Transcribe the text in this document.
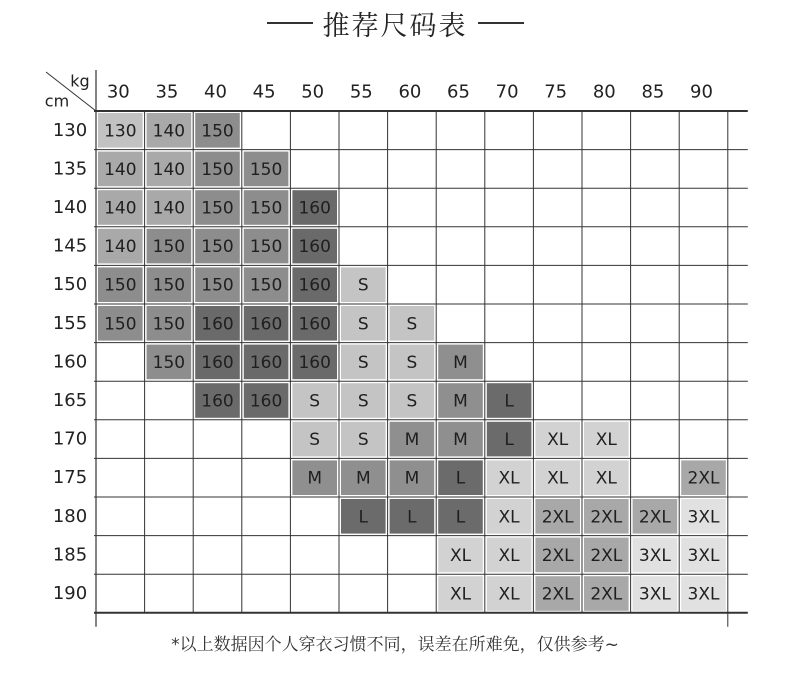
推荐尺码表
kg
cm 30 35 40 45 50 55 60 65 70 75 80 85 90
130
135
140
145
150
155
160
165
170
175
180
185
190
130 140 150
140 140 150 150
140 140 150 150 160
140 150 150 150 160
150 150 150 150 160 S
150 150 160 160 160 S S
150 160 160 160 S S M
160 160 S S S M L
S S M M L XL XL
M M M L XL XL XL	2XL
L L L XL 2XL 2XL 2XL 3XL
XL XL 2XL 2XL 3XL 3XL
XL XL 2XL 2XL 3XL 3XL
*以上数据因个人穿衣习惯不同，误差在所难免，仅供参考~
